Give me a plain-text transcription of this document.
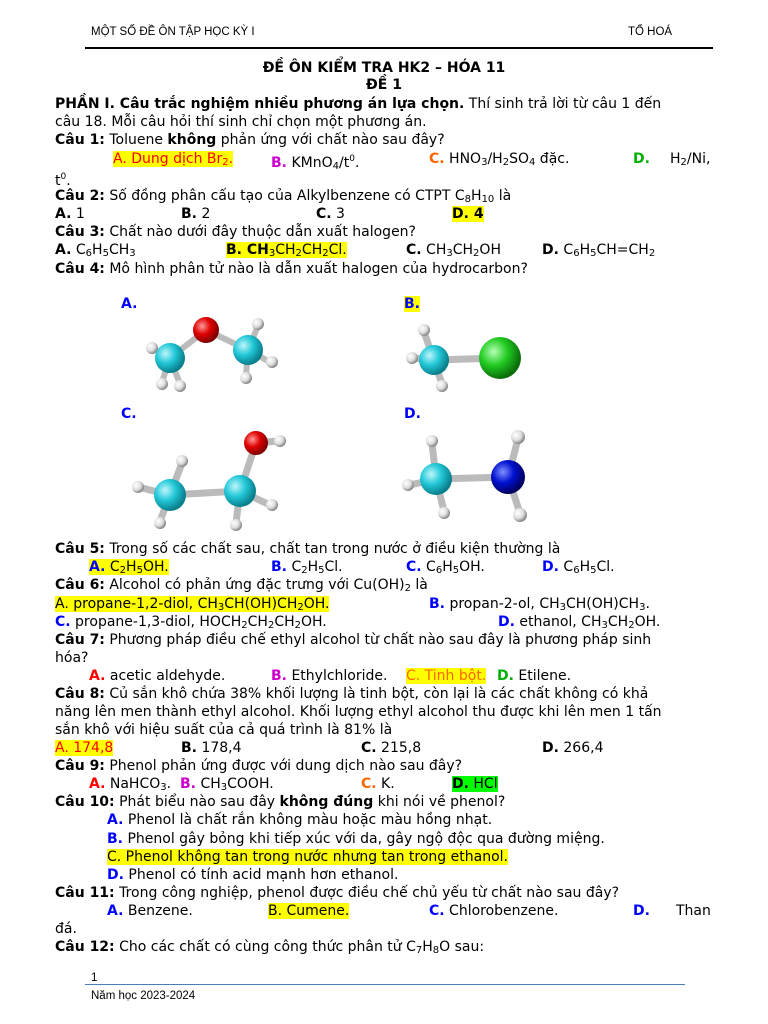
MỘT SỐ ĐỀ ÔN TẬP HỌC KỲ I	TỔ HOÁ
ĐỀ ÔN KIỂM TRA HK2 – HÓA 11
ĐỀ 1
PHẦN I. Câu trắc nghiệm nhiều phương án lựa chọn. Thí sinh trả lời từ câu 1 đến
câu 18. Mỗi câu hỏi thí sinh chỉ chọn một phương án.
Câu 1: Toluene không phản ứng với chất nào sau đây?
A. Dung dịch $Br_2$.	B. $KMnO_4/t^0$.	C. $HNO_3/H_2SO_4$ đặc.	D. $H_2/Ni$,
$t^0$.
Câu 2: Số đồng phân cấu tạo của Alkylbenzene có CTPT $C_8H_{10}$ là
A. 1	B. 2	C. 3	D. 4
Câu 3: Chất nào dưới đây thuộc dẫn xuất halogen?
A. $C_6H_5CH_3$	B. $CH_3CH_2CH_2Cl$.	C. $CH_3CH_2OH$	D. $C_6H_5CH=CH_2$
Câu 4: Mô hình phân tử nào là dẫn xuất halogen của hydrocarbon?
A.	B.
C.	D.
Câu 5: Trong số các chất sau, chất tan trong nước ở điều kiện thường là
A. $C_2H_5OH$.	B. $C_2H_5Cl$.	C. $C_6H_5OH$.	D. $C_6H_5Cl$.
Câu 6: Alcohol có phản ứng đặc trưng với $Cu(OH)_2$ là
A. propane-1,2-diol, $CH_3CH(OH)CH_2OH$.	B. propan-2-ol, $CH_3CH(OH)CH_3$.
C. propane-1,3-diol, $HOCH_2CH_2CH_2OH$.	D. ethanol, $CH_3CH_2OH$.
Câu 7: Phương pháp điều chế ethyl alcohol từ chất nào sau đây là phương pháp sinh
hóa?
A. acetic aldehyde.	B. Ethylchloride. C. Tinh bột. D. Etilene.
Câu 8: Củ sắn khô chứa 38% khối lượng là tinh bột, còn lại là các chất không có khả
năng lên men thành ethyl alcohol. Khối lượng ethyl alcohol thu được khi lên men 1 tấn
sắn khô với hiệu suất của cả quá trình là 81% là
A. 174,8	B. 178,4	C. 215,8	D. 266,4
Câu 9: Phenol phản ứng được với dung dịch nào sau đây?
A. NaHCO$_3$. B. $CH_3COOH$.	C. K.	D. HCl
Câu 10: Phát biểu nào sau đây không đúng khi nói về phenol?
A. Phenol là chất rắn không màu hoặc màu hồng nhạt.
B. Phenol gây bỏng khi tiếp xúc với da, gây ngộ độc qua đường miệng.
C. Phenol không tan trong nước nhưng tan trong ethanol.
D. Phenol có tính acid mạnh hơn ethanol.
Câu 11: Trong công nghiệp, phenol được điều chế chủ yếu từ chất nào sau đây?
A. Benzene.	B. Cumene.	C. Chlorobenzene.	D. Than
đá.
Câu 12: Cho các chất có cùng công thức phân tử $C_7H_8O$ sau:
1
Năm học 2023-2024
